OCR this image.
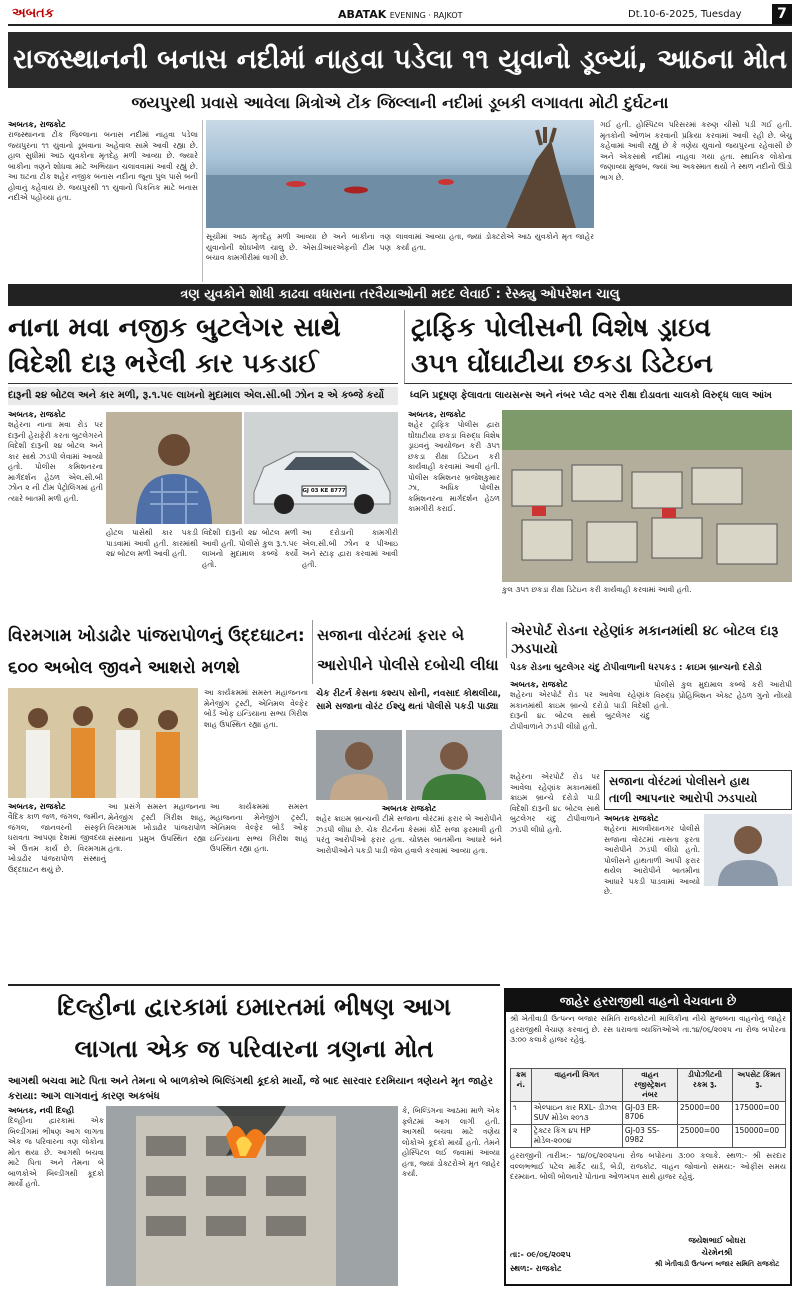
અબતક	ABATAK EVENING · RAJKOT	Dt.10-6-2025, Tuesday	7
રાજસ્થાનની બનાસ નદીમાં નાહવા પડેલા ૧૧ યુવાનો ડૂબ્યાં, આઠના મોત
જયપુરથી પ્રવાસે આવેલા મિત્રોએ ટોંક જિલ્લાની નદીમાં ડૂબકી લગાવતા મોટી દુર્ઘટના
અબતક, રાજકોટ
રાજસ્થાનના ટોંક જિલ્લાના બનાસ નદીમાં નાહવા પડેલા જયપુરના ૧૧ યુવાનો ડૂબવાના અહેવાલ સામે આવી રહ્યા છે. હાલ સુધીમાં આઠ યુવકોના મૃતદેહ મળી આવ્યા છે. જ્યારે બાકીના ત્રણને શોધવા માટે અભિયાન ચલાવવામાં આવી રહ્યું છે. આ ઘટના ટોંક શહેર નજીક બનાસ નદીના જૂના પુલ પાસે બની હોવાનું કહેવાય છે. જયપુરથી ૧૧ યુવાનો પિકનિક માટે બનાસ નદીએ પહોંચ્યા હતા.
સૂચીમાં આઠ મૃતદેહ મળી આવ્યા છે અને બાકીના ત્રણ યુવાનોની શોધખોળ ચાલુ છે. એસડીઆરએફની ટીમ પણ બચાવ કામગીરીમાં લાગી છે.
લાવવામાં આવ્યા હતા, જ્યાં ડોક્ટરોએ આઠ યુવકોને મૃત જાહેર કર્યા હતા.
ગઈ હતી. હોસ્પિટલ પરિસરમાં કરુણ ચીસો પડી ગઈ હતી. મૃતકોની ઓળખ કરવાની પ્રક્રિયા કરવામાં આવી રહી છે. બેચુ કહેવામાં આવી રહ્યું છે કે ત્રણેય યુવાનો જયપુરના રહેવાસી છે અને એકસાથે નદીમાં નાહવા ગયા હતા. સ્થાનિક લોકોના જણાવ્યા મુજબ, જ્યાં આ અકસ્માત થયો તે સ્થળ નદીનો ઊંડો ભાગ છે.
ત્રણ યુવકોને શોધી કાઢવા વધારાના તરવૈયાઓની મદદ લેવાઈ : રેસ્ક્યુ ઓપરેશન ચાલુ
નાના મવા નજીક બુટલેગર સાથે
વિદેશી દારૂ ભરેલી કાર પકડાઈ
દારૂની ૨૪ બોટલ અને કાર મળી, રૂ.૧.૫૯ લાખનો મુદામાલ એલ.સી.બી ઝોન ૨ એ કબ્જે કર્યો
અબતક, રાજકોટ
શહેરના નાના મવા રોડ પર દારૂની હેરાફેરી કરતા બુટલેગરને વિદેશી દારૂની ૨૪ બોટલ અને કાર સાથે ઝડપી લેવામાં આવ્યો હતો. પોલીસ કમિશનરના માર્ગદર્શન હેઠળ એલ.સી.બી ઝોન ૨ ની ટીમ પેટ્રોલિંગમાં હતી ત્યારે બાતમી મળી હતી.
GJ 03 KE 8777
હોટલ પાસેથી કાર પકડી પાડવામાં આવી હતી. કારમાંથી ૨૪ બોટલ મળી આવી હતી.
વિદેશી દારૂની ૨૪ બોટલ મળી આવી હતી. પોલીસે કુલ રૂ.૧.૫૯ લાખનો મુદામાલ કબ્જે કર્યો હતો.
આ દરોડાની કામગીરી એલ.સી.બી ઝોન ૨ પીઆઇ અને સ્ટાફ દ્વારા કરવામાં આવી હતી.
ટ્રાફિક પોલીસની વિશેષ ડ્રાઇવ
૩૫૧ ઘોંઘાટીયા છકડા ડિટેઇન
ધ્વનિ પ્રદૂષણ ફેલાવતા લાયસન્સ અને નંબર પ્લેટ વગર રીક્ષા દોડાવતા ચાલકો વિરુદ્ધ લાલ આંખ
અબતક, રાજકોટ
શહેર ટ્રાફિક પોલીસ દ્વારા ઘોંઘાટીયા છકડા વિરુદ્ધ વિશેષ ડ્રાઇવનું આયોજન કરી ૩૫૧ છકડા રીક્ષા ડિટેઇન કરી કાર્યવાહી કરવામાં આવી હતી. પોલીસ કમિશનર બ્રજેશકુમાર ઝા, અધિક પોલીસ કમિશનરના માર્ગદર્શન હેઠળ કામગીરી કરાઈ.
કુલ ૩૫૧ છકડા રીક્ષા ડિટેઇન કરી કાર્યવાહી કરવામાં આવી હતી.
વિરમગામ ખોડાઢોર પાંજરાપોળનું ઉદ્દઘાટન:
૬૦૦ અબોલ જીવને આશરો મળશે
આ કાર્યક્રમમાં સમસ્ત મહાજનના મેનેજીંગ ટ્રસ્ટી, એનિમલ વેલ્ફેર બોર્ડ ઓફ ઇન્ડિયાના સભ્ય ગિરીશ શાહ ઉપસ્થિત રહ્યા હતા.
અબતક, રાજકોટ
વૈદિક કાળ જળ, જંગલ, જમીન, જંગલ, જાનવરની સંસ્કૃતિ ધરાવતા આપણા દેશમાં જીવદયા એ ઉત્તમ કાર્ય છે. વિરમગામ ખોડાઢોર પાંજરાપોળ સંસ્થાનું ઉદ્દઘાટન થયું છે.
આ પ્રસંગે સમસ્ત મહાજનના મેનેજીંગ ટ્રસ્ટી ગિરીશ શાહ, વિરમગામ ખોડાઢોર પાંજરાપોળ સંસ્થાના પ્રમુખ ઉપસ્થિત રહ્યા હતા.
આ કાર્યક્રમમાં સમસ્ત મહાજનના મેનેજીંગ ટ્રસ્ટી, એનિમલ વેલ્ફેર બોર્ડ ઓફ ઇન્ડિયાના સભ્ય ગિરીશ શાહ ઉપસ્થિત રહ્યા હતા.
સજાના વોરંટમાં ફરાર બે
આરોપીને પોલીસે દબોચી લીધા
ચેક રીટર્ન કેસના કશ્યપ સોની, નવસાદ કોથલીયા, સામે સજાના વોરંટ ઈશ્યુ થતાં પોલીસે પકડી પાડ્યા
અબતક રાજકોટ
શહેર ક્રાઇમ બ્રાન્ચની ટીમે સજાના વોરંટમાં ફરાર બે આરોપીને ઝડપી લીધા છે. ચેક રીટર્નના કેસમાં કોર્ટે સજા ફરમાવી હતી પરંતુ આરોપીઓ ફરાર હતા. ચોક્કસ બાતમીના આધારે બંને આરોપીઓને પકડી પાડી જેલ હવાલે કરવામાં આવ્યા હતા.
એરપોર્ટ રોડના રહેણાંક મકાનમાંથી ૪૮ બોટલ દારૂ ઝડપાયો
પેડક રોડના બુટલેગર ચંદુ ટોપીવાળાની ધરપકડ : ક્રાઇમ બ્રાન્ચનો દરોડો
અબતક, રાજકોટ
શહેરના એરપોર્ટ રોડ પર આવેલા રહેણાંક મકાનમાંથી ક્રાઇમ બ્રાન્ચે દરોડો પાડી વિદેશી દારૂની ૪૮ બોટલ સાથે બુટલેગર ચંદુ ટોપીવાળાને ઝડપી લીધો હતો.
પોલીસે કુલ મુદામાલ કબ્જે કરી આરોપી વિરુદ્ધ પ્રોહિબિશન એક્ટ હેઠળ ગુનો નોંધ્યો હતો.
સજાના વોરંટમાં પોલીસને હાથ
તાળી આપનાર આરોપી ઝડપાયો
શહેરના એરપોર્ટ રોડ પર આવેલા રહેણાંક મકાનમાંથી ક્રાઇમ બ્રાન્ચે દરોડો પાડી વિદેશી દારૂની ૪૮ બોટલ સાથે બુટલેગર ચંદુ ટોપીવાળાને ઝડપી લીધો હતો.
અબતક રાજકોટ
શહેરના માલવીયાનગર પોલીસે સજાના વોરંટમાં નાસતા ફરતા આરોપીને ઝડપી લીધો હતો. પોલીસને હાથતાળી આપી ફરાર થયેલ આરોપીને બાતમીના આધારે પકડી પાડવામાં આવ્યો છે.
દિલ્હીના દ્વારકામાં ઇમારતમાં ભીષણ આગ
લાગતા એક જ પરિવારના ત્રણના મોત
આગથી બચવા માટે પિતા અને તેમના બે બાળકોએ બિલ્ડિંગથી કૂદકો માર્યો, જે બાદ સારવાર દરમિયાન ત્રણેયને મૃત જાહેર કરાયા: આગ લાગવાનું કારણ અકબંધ
અબતક, નવી દિલ્હી
દિલ્હીના દ્વારકામાં એક બિલ્ડીંગમાં ભીષણ આગ લાગતા એક જ પરિવારના ત્રણ લોકોના મોત થયા છે. આગથી બચવા માટે પિતા અને તેમના બે બાળકોએ બિલ્ડીંગથી કૂદકો માર્યો હતો.
કે, બિલ્ડિંગના આઠમા માળે એક ફ્લેટમાં આગ લાગી હતી. આગથી બચવા માટે ત્રણેય લોકોએ કૂદકો માર્યો હતો. તેમને હોસ્પિટલ લઈ જવામાં આવ્યા હતા, જ્યાં ડોક્ટરોએ મૃત જાહેર કર્યા.
જાહેર હરરાજીથી વાહનો વેચવાના છે
શ્રી ખેતીવાડી ઉત્પન્ન બજાર સમિતિ રાજકોટની માલિકીના નીચે મુજબના વાહનોનું જાહેર હરરાજીથી વેચાણ કરવાનું છે. રસ ધરાવતા વ્યક્તિઓએ તા.૧૪/૦૬/૨૦૨૫ ના રોજ બપોરના ૩:૦૦ કલાકે હાજર રહેવું.
ક્રમ નં.	વાહનની વિગત	વાહન રજીસ્ટ્રેશન નંબર	ડીપોઝીટની રકમ રૂ.	અપસેટ કિંમત રૂ.
૧	એલ્પાઇન કાર RXL- ડીઝલ SUV મોડેલ ૨૦૧૩	GJ-03 ER-8706	25000=00	175000=00
૨	ટ્રેક્ટર કિંગ ૪૫ HP મોડેલ-૨૦૦૪	GJ-03 SS-0982	25000=00	150000=00
હરરાજીની તારીખ:- ૧૪/૦૬/૨૦૨૫ના રોજ બપોરના ૩:૦૦ કલાકે. સ્થળ:- શ્રી સરદાર વલ્લભભાઈ પટેલ માર્કેટ યાર્ડ, બેડી, રાજકોટ. વાહન જોવાનો સમય:- ઓફીસ સમય દરમ્યાન. બોલી બોલનારે પોતાના ઓળખપત્ર સાથે હાજર રહેવું.
તા:- ૦૯/૦૬/૨૦૨૫
સ્થળ:- રાજકોટ
જયેશભાઈ બોઘરા
ચેરમેનશ્રી
શ્રી ખેતીવાડી ઉત્પન્ન બજાર સમિતિ રાજકોટ
